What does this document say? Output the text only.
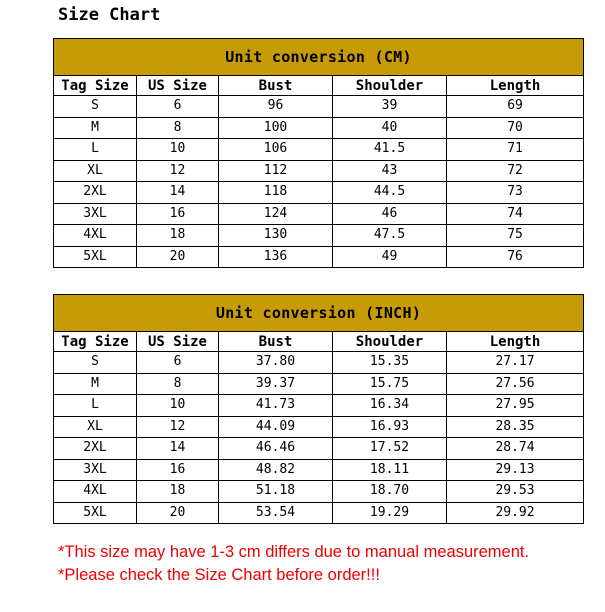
Size Chart
Unit conversion (CM)				
Tag Size	US Size	Bust	Shoulder	Length
S	6	96	39	69
M	8	100	40	70
L	10	106	41.5	71
XL	12	112	43	72
2XL	14	118	44.5	73
3XL	16	124	46	74
4XL	18	130	47.5	75
5XL	20	136	49	76
Unit conversion (INCH)				
Tag Size	US Size	Bust	Shoulder	Length
S	6	37.80	15.35	27.17
M	8	39.37	15.75	27.56
L	10	41.73	16.34	27.95
XL	12	44.09	16.93	28.35
2XL	14	46.46	17.52	28.74
3XL	16	48.82	18.11	29.13
4XL	18	51.18	18.70	29.53
5XL	20	53.54	19.29	29.92
*This size may have 1-3 cm differs due to manual measurement.
*Please check the Size Chart before order!!!
